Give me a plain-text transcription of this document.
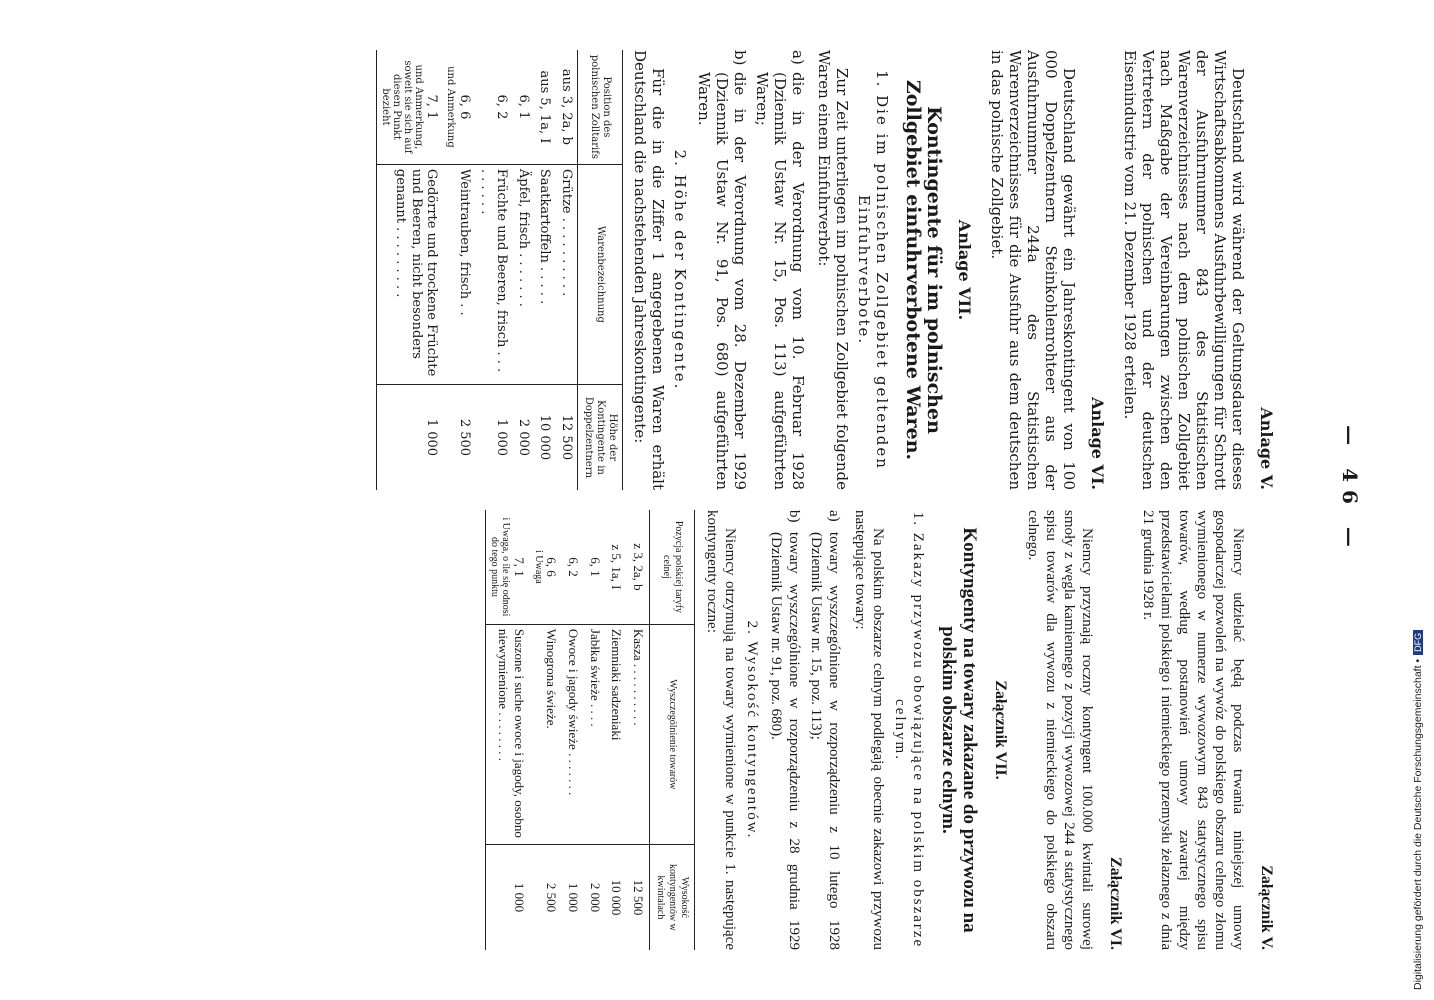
— 46 —
Anlage V.

Deutschland wird während der Geltungsdauer dieses Wirtschaftsabkommens Ausfuhrbewilligungen für Schrott der Ausfuhrnummer 843 des Statistischen Warenverzeichnisses nach dem polnischen Zollgebiet nach Maßgabe der Vereinbarungen zwischen den Vertretern der polnischen und der deutschen Eisenindustrie vom 21. Dezember 1928 erteilen.

Anlage VI.

Deutschland gewährt ein Jahreskontingent von 100 000 Doppelzentnern Steinkohlenrohteer aus der Ausfuhrnummer 244a des Statistischen Warenverzeichnisses für die Ausfuhr aus dem deutschen in das polnische Zollgebiet.

Anlage VII.
Kontingente für im polnischen Zollgebiet einfuhrverbotene Waren.
1. Die im polnischen Zollgebiet geltenden Einfuhrverbote.

Zur Zeit unterliegen im polnischen Zollgebiet folgende Waren einem Einfuhrverbot:

a)
die in der Verordnung vom 10. Februar 1928 (Dziennik Ustaw Nr. 15, Pos. 113) aufgeführten Waren;
b)
die in der Verordnung vom 28. Dezember 1929 (Dziennik Ustaw Nr. 91, Pos. 680) aufgeführten Waren.
2. Höhe der Kontingente.

Für die in die Ziffer 1 angegebenen Waren erhält Deutschland die nachstehenden Jahreskontingente:

Position des polnischen Zolltarifs	Warenbezeichnung	Höhe der Kontingente in Doppelzentnern
aus 3, 2a, b	Grütze . . . . . . . . . .	12 500
aus 5, 1a, I	Saatkartoffeln . . . . .	10 000
6, 1	Äpfel, frisch . . . . . . .	2 000
6, 2	Früchte und Beeren, frisch . . . . . . . . .	1 000
6, 6
und Anmerkung	Weintrauben, frisch . .	2 500
7, 1
und Anmerkung, soweit sie sich auf diesen Punkt bezieht	Gedörrte und trockene Früchte und Beeren, nicht besonders genannt . . . . . . . . .	1 000
Załącznik V.

Niemcy udzielać będą podczas trwania niniejszej umowy gospodarczej pozwoleń na wywóz do polskiego obszaru celnego złomu wymienionego w numerze wywozowym 843 statystycznego spisu towarów, według postanowień umowy zawartej między przedstawicielami polskiego i niemieckiego przemysłu żelaznego z dnia 21 grudnia 1928 r.

Załącznik VI.

Niemcy przyznają roczny kontyngent 100.000 kwintali surowej smoły z węgla kamiennego z pozycji wywozowej 244 a statystycznego spisu towarów dla wywozu z niemieckiego do polskiego obszaru celnego.

Załącznik VII.
Kontyngenty na towary zakazane do przywozu na polskim obszarze celnym.
1. Zakazy przywozu obowiązujące na polskim obszarze celnym.

Na polskim obszarze celnym podlegają obecnie zakazowi przywozu następujące towary:

a)
towary wyszczególnione w rozporządzeniu z 10 lutego 1928 (Dziennik Ustaw nr. 15, poz. 113);
b)
towary wyszczególnione w rozporządzeniu z 28 grudnia 1929 (Dziennik Ustaw nr. 91, poz. 680).
2. Wysokość kontyngentów.

Niemcy otrzymują na towary wymienione w punkcie 1. następujące kontyngenty roczne:

Pozycja polskiej taryfy celnej	Wyszczególnienie towarów	Wysokość kontyngentów w kwintalach
z 3, 2a, b	Kasza . . . . . . . . . .	12 500
z 5, 1a, I	Ziemniaki sadzeniaki	10 000
6, 1	Jabłka świeże . . . .	2 000
6, 2	Owoce i jagody świeże . . . . . . .	1 000
6, 6
i Uwaga	Winogrona świeże.	2 500
7, 1
i Uwaga, o ile się odnosi do tego punktu	Suszone i suche owoce i jagody, osobno niewymienione . . . . . . . .	1 000	Digitalisierung gefördert durch die Deutsche Forschungsgemeinschaft •DFG
